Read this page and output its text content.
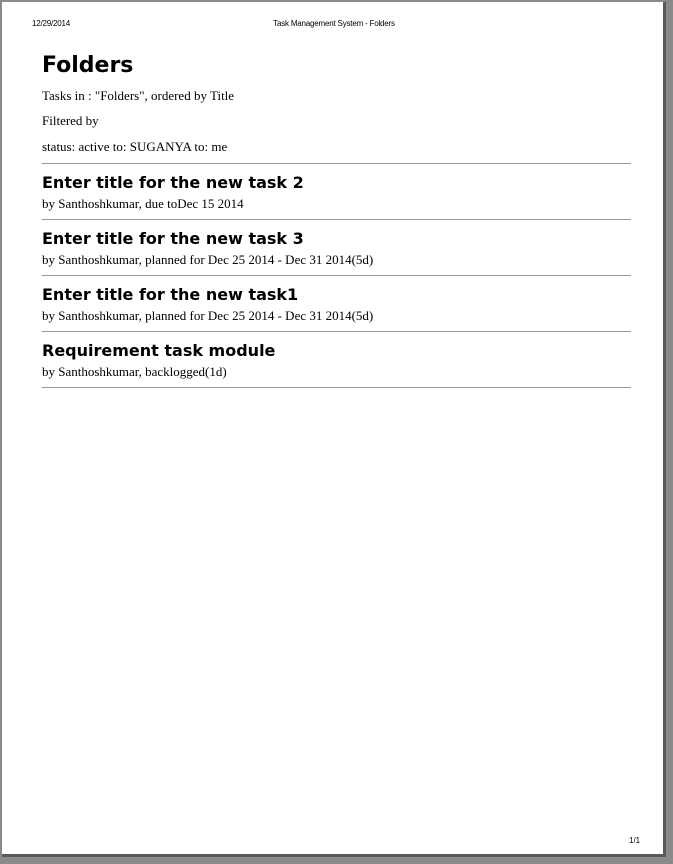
12/29/2014	Task Management System - Folders
Folders
Tasks in : "Folders", ordered by Title
Filtered by
status: active to: SUGANYA to: me
Enter title for the new task 2
by Santhoshkumar, due toDec 15 2014
Enter title for the new task 3
by Santhoshkumar, planned for Dec 25 2014 - Dec 31 2014(5d)
Enter title for the new task1
by Santhoshkumar, planned for Dec 25 2014 - Dec 31 2014(5d)
Requirement task module
by Santhoshkumar, backlogged(1d)
1/1
